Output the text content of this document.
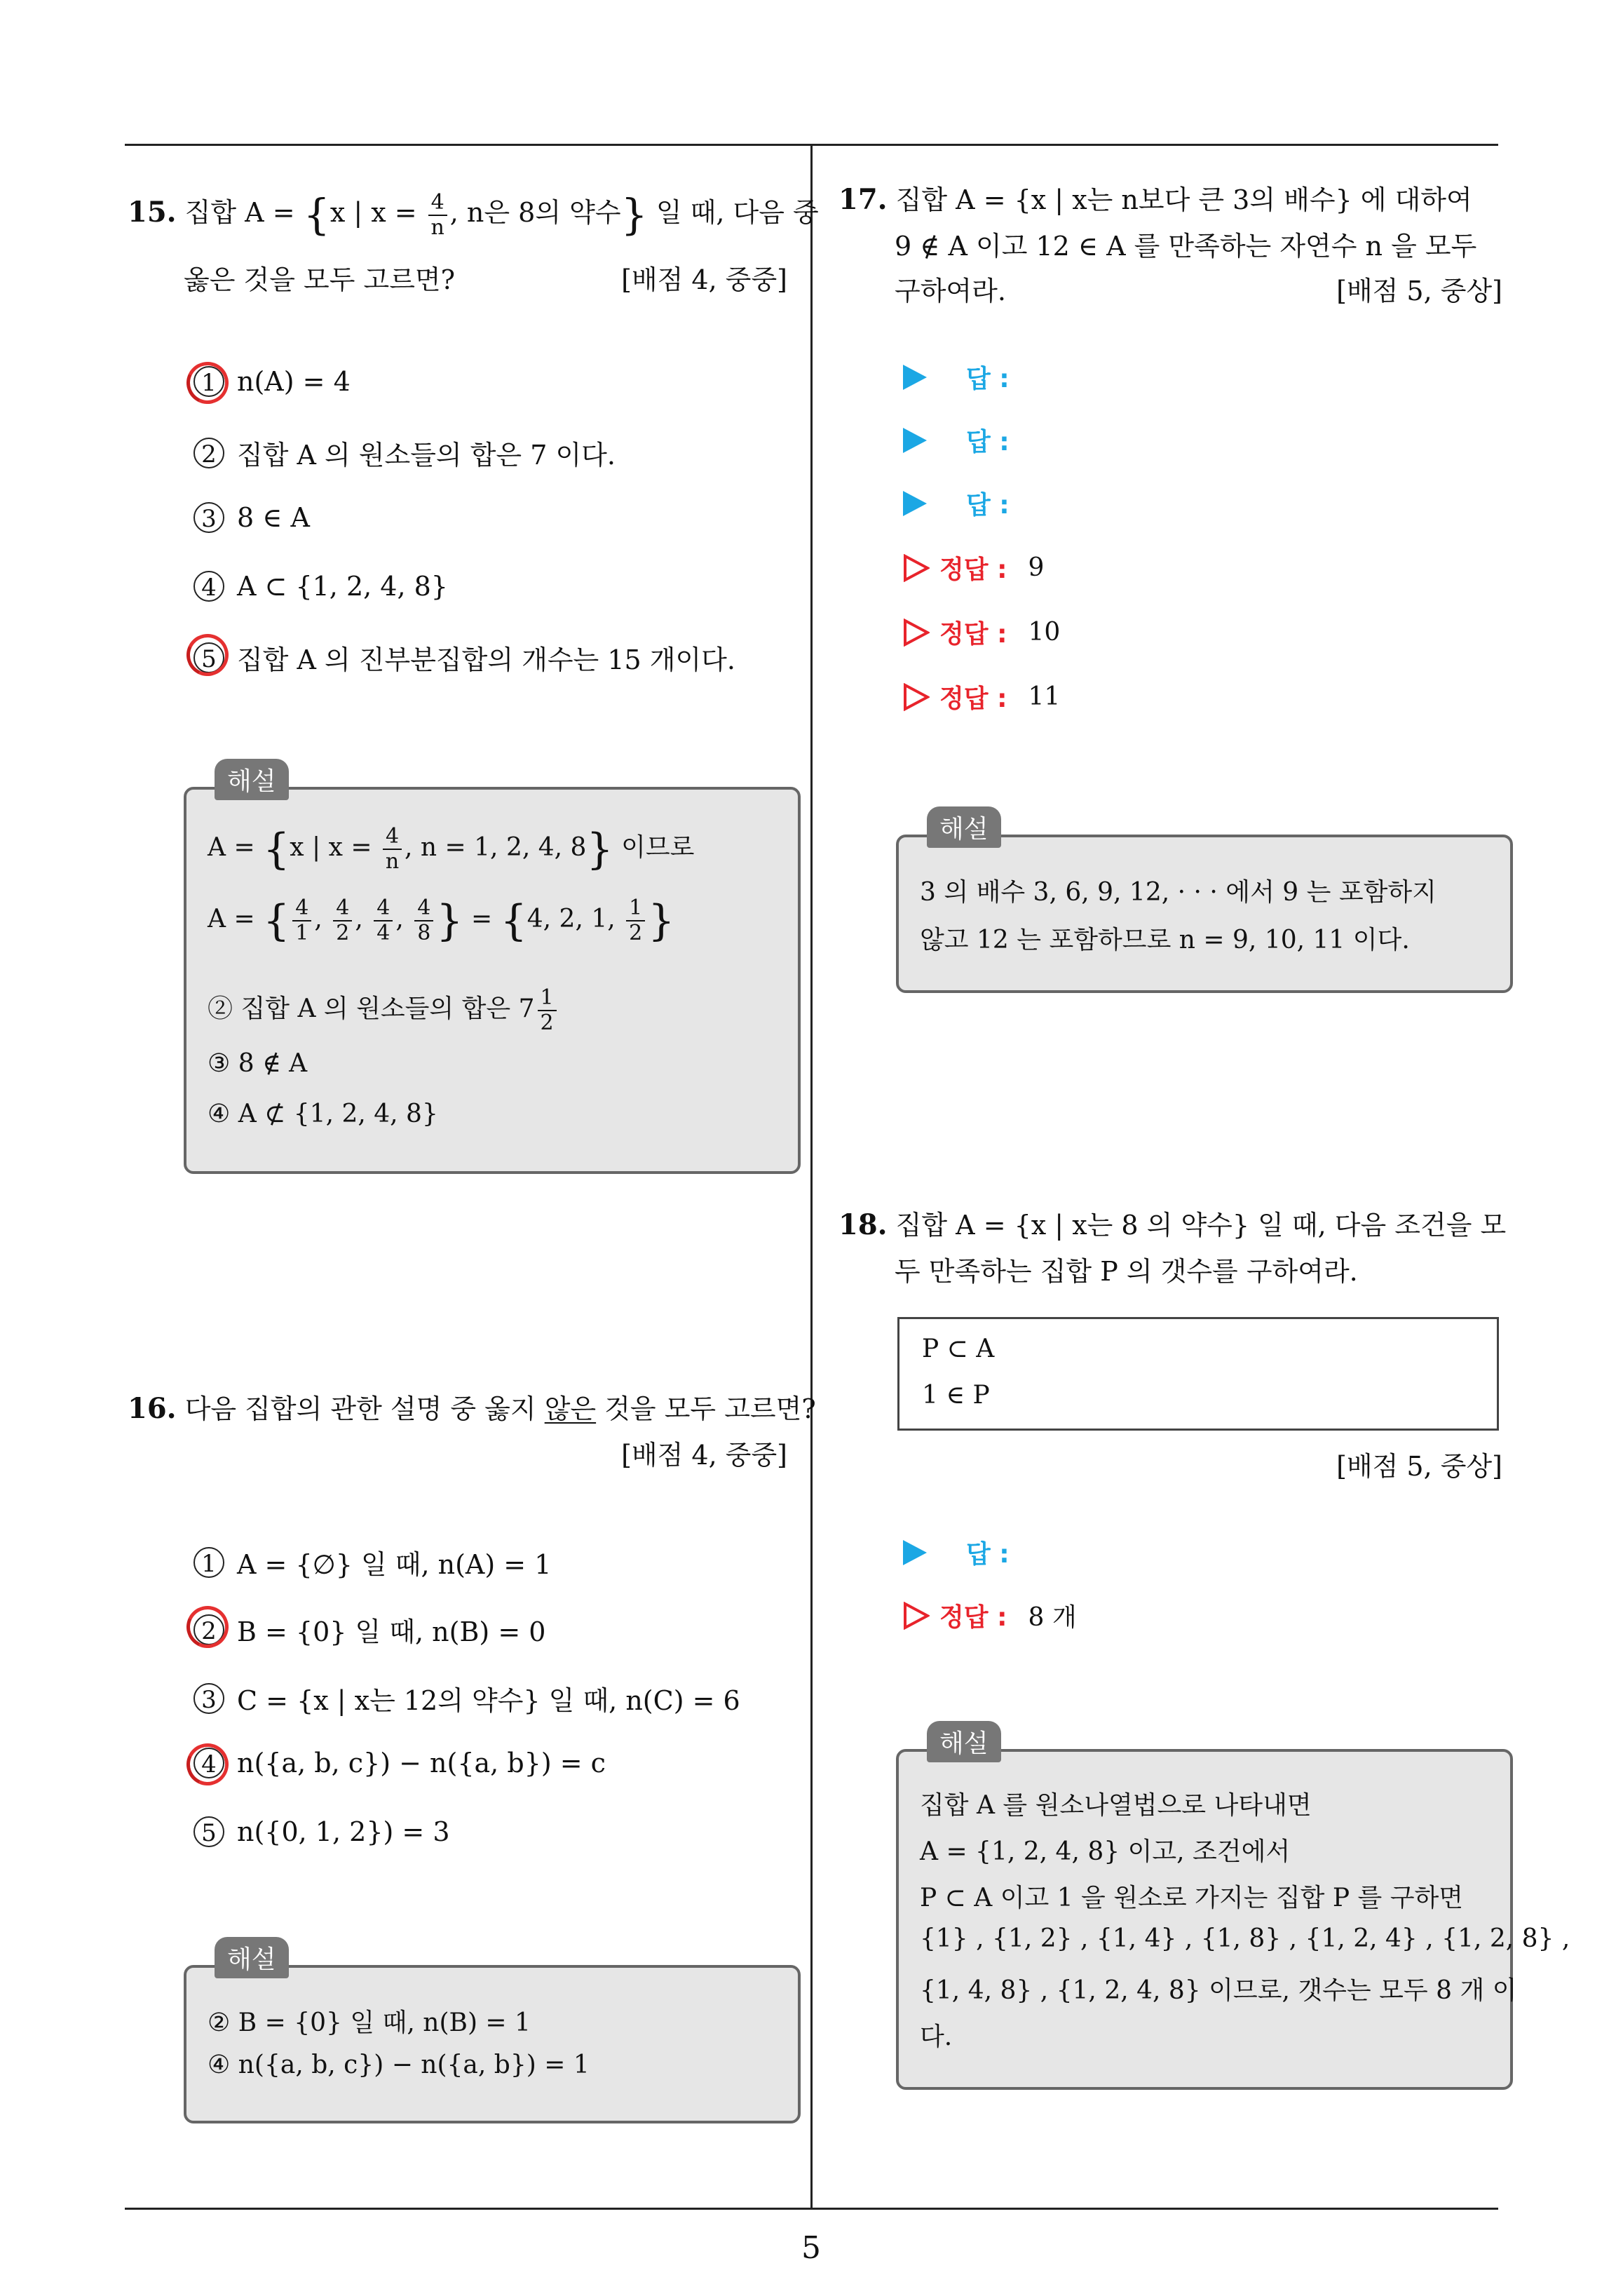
15. 집합 A = {x | $x = \frac{4}{n}$ , n은 8의 약수} 일 때, 다음 중
옳은 것을 모두 고르면?	[배점 4, 중중]
1 n(A) = 4
2 집합 A 의 원소들의 합은 7 이다.
3 8 ∈ A
4 A ⊂ {1, 2, 4, 8}
5 집합 A 의 진부분집합의 개수는 15 개이다.
해설
A = {x | $x = \frac{4}{n}$ , n = 1, 2, 4, 8} 이므로
A = { $\frac{4}{1}$ , $\frac{4}{2}$ , $\frac{4}{4}$ , $\frac{4}{8}$ } = {4, 2, 1, $\frac{1}{2}$ }
② 집합 A 의 원소들의 합은 $7 \frac{1}{2}$
③ 8 ∉ A
④ A ⊄ {1, 2, 4, 8}
16. 다음 집합의 관한 설명 중 옳지 않은 것을 모두 고르면?
[배점 4, 중중]
1 A = {∅} 일 때, n(A) = 1
2 B = {0} 일 때, n(B) = 0
3 C = {x | x는 12의 약수} 일 때, n(C) = 6
4 n({a, b, c}) − n({a, b}) = c
5 n({0, 1, 2}) = 3
해설
② B = {0} 일 때, n(B) = 1
④ n({a, b, c}) − n({a, b}) = 1
17. 집합 A = {x | x는 n보다 큰 3의 배수} 에 대하여
9 ∉ A 이고 12 ∈ A 를 만족하는 자연수 n 을 모두
구하여라.	[배점 5, 중상]
답 :
답 :
답 :
정답 : 9
정답 : 10
정답 : 11
해설
3 의 배수 3, 6, 9, 12, · · · 에서 9 는 포함하지
않고 12 는 포함하므로 n = 9, 10, 11 이다.
18. 집합 A = {x | x는 8 의 약수} 일 때, 다음 조건을 모
두 만족하는 집합 P 의 갯수를 구하여라.
P ⊂ A
1 ∈ P
[배점 5, 중상]
답 :
정답 : 8 개
해설
집합 A 를 원소나열법으로 나타내면
A = {1, 2, 4, 8} 이고, 조건에서
P ⊂ A 이고 1 을 원소로 가지는 집합 P 를 구하면
{1} , {1, 2} , {1, 4} , {1, 8} , {1, 2, 4} , {1, 2, 8} ,
{1, 4, 8} , {1, 2, 4, 8} 이므로, 갯수는 모두 8 개 이
다.
5
